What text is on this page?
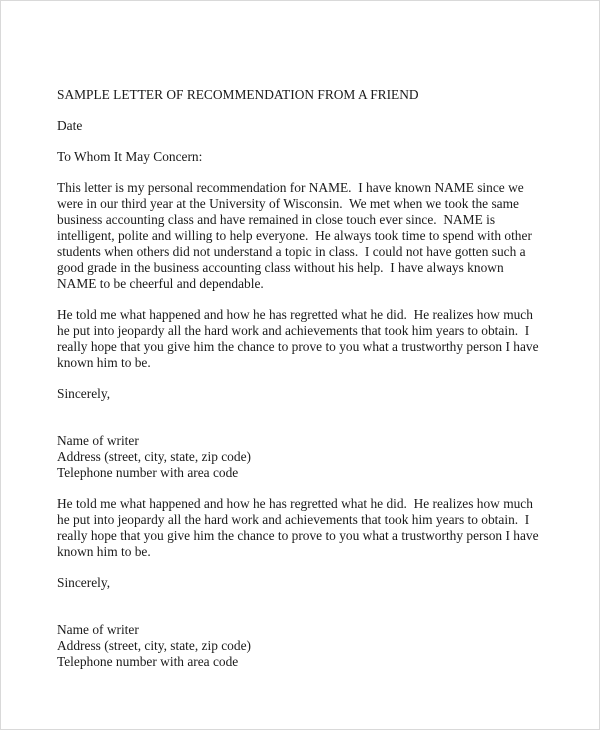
SAMPLE LETTER OF RECOMMENDATION FROM A FRIEND
Date
To Whom It May Concern:
This letter is my personal recommendation for NAME.  I have known NAME since we
were in our third year at the University of Wisconsin.  We met when we took the same
business accounting class and have remained in close touch ever since.  NAME is
intelligent, polite and willing to help everyone.  He always took time to spend with other
students when others did not understand a topic in class.  I could not have gotten such a
good grade in the business accounting class without his help.  I have always known
NAME to be cheerful and dependable.
He told me what happened and how he has regretted what he did.  He realizes how much
he put into jeopardy all the hard work and achievements that took him years to obtain.  I
really hope that you give him the chance to prove to you what a trustworthy person I have
known him to be.
Sincerely,
Name of writer
Address (street, city, state, zip code)
Telephone number with area code
He told me what happened and how he has regretted what he did.  He realizes how much
he put into jeopardy all the hard work and achievements that took him years to obtain.  I
really hope that you give him the chance to prove to you what a trustworthy person I have
known him to be.
Sincerely,
Name of writer
Address (street, city, state, zip code)
Telephone number with area code
